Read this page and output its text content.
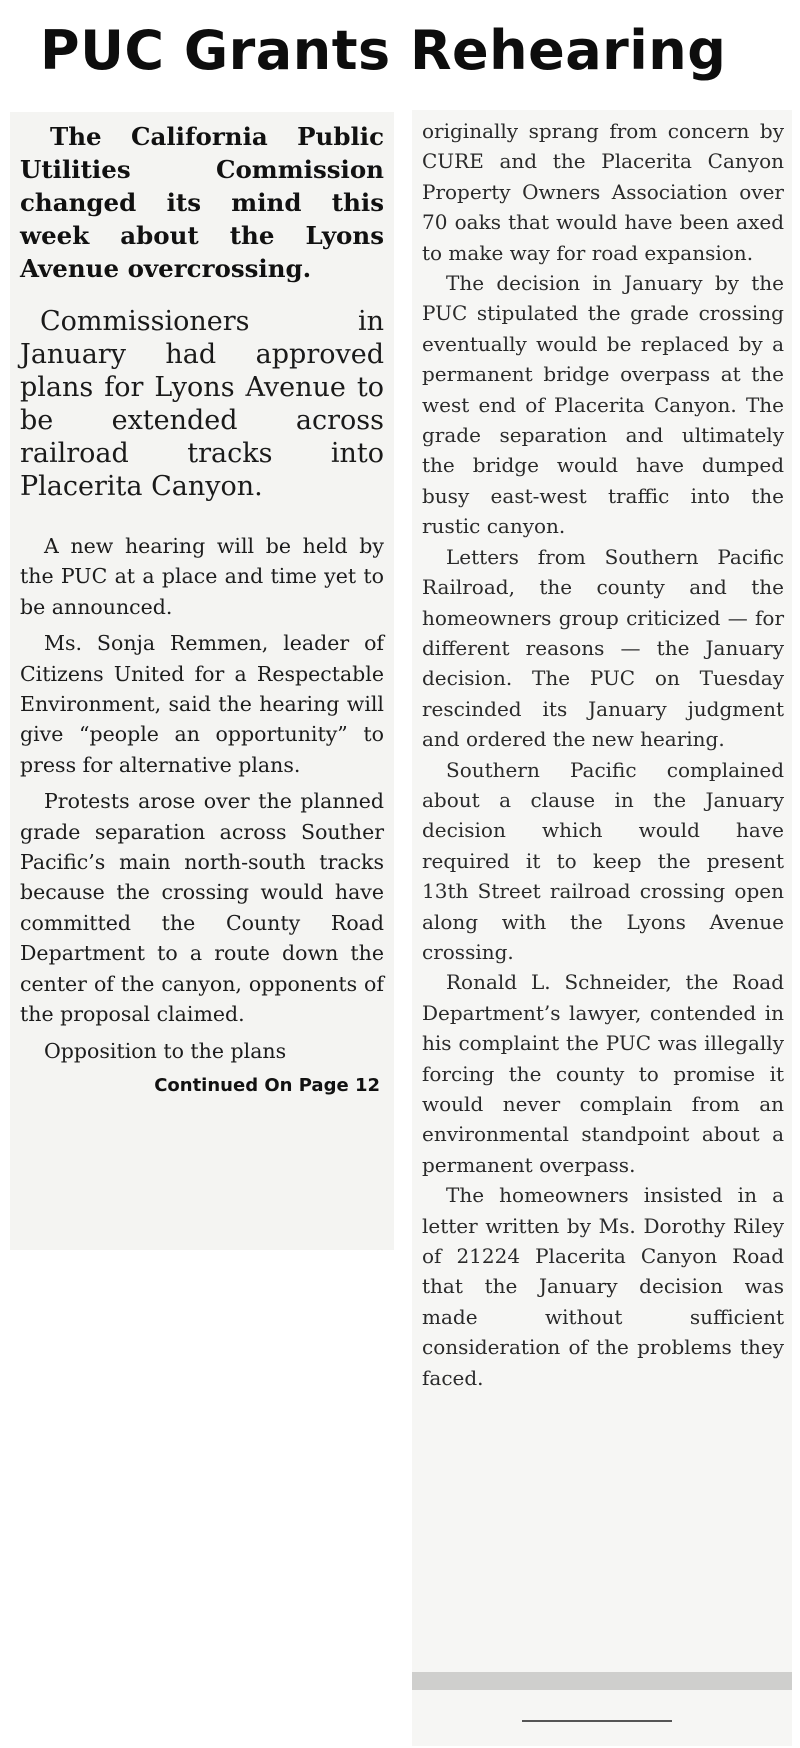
PUC Grants Rehearing

The California Public Utilities Commission changed its mind this week about the Lyons Avenue overcrossing.

Commissioners in January had approved plans for Lyons Avenue to be extended across railroad tracks into Placerita Canyon.

A new hearing will be held by the PUC at a place and time yet to be announced.

Ms. Sonja Remmen, leader of Citizens United for a Respectable Environment, said the hearing will give “people an opportunity” to press for alternative plans.

Protests arose over the planned grade separation across Souther Pacific’s main north-south tracks because the crossing would have committed the County Road Department to a route down the center of the canyon, opponents of the proposal claimed.

Opposition to the plans

Continued On Page 12

originally sprang from concern by CURE and the Placerita Canyon Property Owners Association over 70 oaks that would have been axed to make way for road expansion.

The decision in January by the PUC stipulated the grade crossing eventually would be replaced by a permanent bridge overpass at the west end of Placerita Canyon. The grade separation and ultimately the bridge would have dumped busy east-west traffic into the rustic canyon.

Letters from Southern Pacific Railroad, the county and the homeowners group criticized — for different reasons — the January decision. The PUC on Tuesday rescinded its January judgment and ordered the new hearing.

Southern Pacific complained about a clause in the January decision which would have required it to keep the present 13th Street railroad crossing open along with the Lyons Avenue crossing.

Ronald L. Schneider, the Road Department’s lawyer, contended in his complaint the PUC was illegally forcing the county to promise it would never complain from an environmental standpoint about a permanent overpass.

The homeowners insisted in a letter written by Ms. Dorothy Riley of 21224 Placerita Canyon Road that the January decision was made without sufficient consideration of the problems they faced.
